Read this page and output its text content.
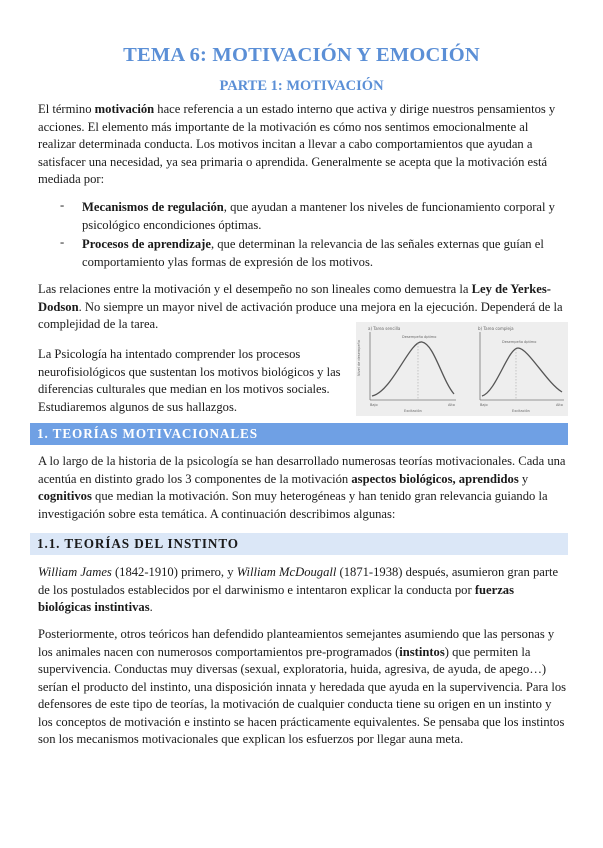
TEMA 6: MOTIVACIÓN Y EMOCIÓN
PARTE 1: MOTIVACIÓN

El término motivación hace referencia a un estado interno que activa y dirige nuestros pensamientos y acciones. El elemento más importante de la motivación es cómo nos sentimos emocionalmente al realizar determinada conducta. Los motivos incitan a llevar a cabo comportamientos que ayudan a satisfacer una necesidad, ya sea primaria o aprendida. Generalmente se acepta que la motivación está mediada por:

- Mecanismos de regulación, que ayudan a mantener los niveles de funcionamiento corporal y psicológico encondiciones óptimas.
- Procesos de aprendizaje, que determinan la relevancia de las señales externas que guían el comportamiento ylas formas de expresión de los motivos.

Las relaciones entre la motivación y el desempeño no son lineales como demuestra la Ley de Yerkes-Dodson. No siempre un mayor nivel de activación produce una mejora en la ejecución. Dependerá de la complejidad de la tarea.

La Psicología ha intentado comprender los procesos neurofisiológicos que sustentan los motivos biológicos y las diferencias culturales que median en los motivos sociales. Estudiaremos algunos de sus hallazgos.

a) Tarea sencilla
Nivel de desempeño
Desempeño óptimo
Bajo	Alto
Excitación
b) Tarea compleja
Desempeño óptimo
Bajo	Alto
Excitación
1. TEORÍAS MOTIVACIONALES

A lo largo de la historia de la psicología se han desarrollado numerosas teorías motivacionales. Cada una acentúa en distinto grado los 3 componentes de la motivación aspectos biológicos, aprendidos y cognitivos que median la motivación. Son muy heterogéneas y han tenido gran relevancia guiando la investigación sobre esta temática. A continuación describimos algunas:

1.1. TEORÍAS DEL INSTINTO

William James (1842-1910) primero, y William McDougall (1871-1938) después, asumieron gran parte de los postulados establecidos por el darwinismo e intentaron explicar la conducta por fuerzas biológicas instintivas.

Posteriormente, otros teóricos han defendido planteamientos semejantes asumiendo que las personas y los animales nacen con numerosos comportamientos pre-programados (instintos) que permiten la supervivencia. Conductas muy diversas (sexual, exploratoria, huida, agresiva, de ayuda, de apego…) serían el producto del instinto, una disposición innata y heredada que ayuda en la supervivencia. Para los defensores de este tipo de teorías, la motivación de cualquier conducta tiene su origen en un instinto y los conceptos de motivación e instinto se hacen prácticamente equivalentes. Se pensaba que los instintos son los mecanismos motivacionales que explican los esfuerzos por llegar auna meta.
